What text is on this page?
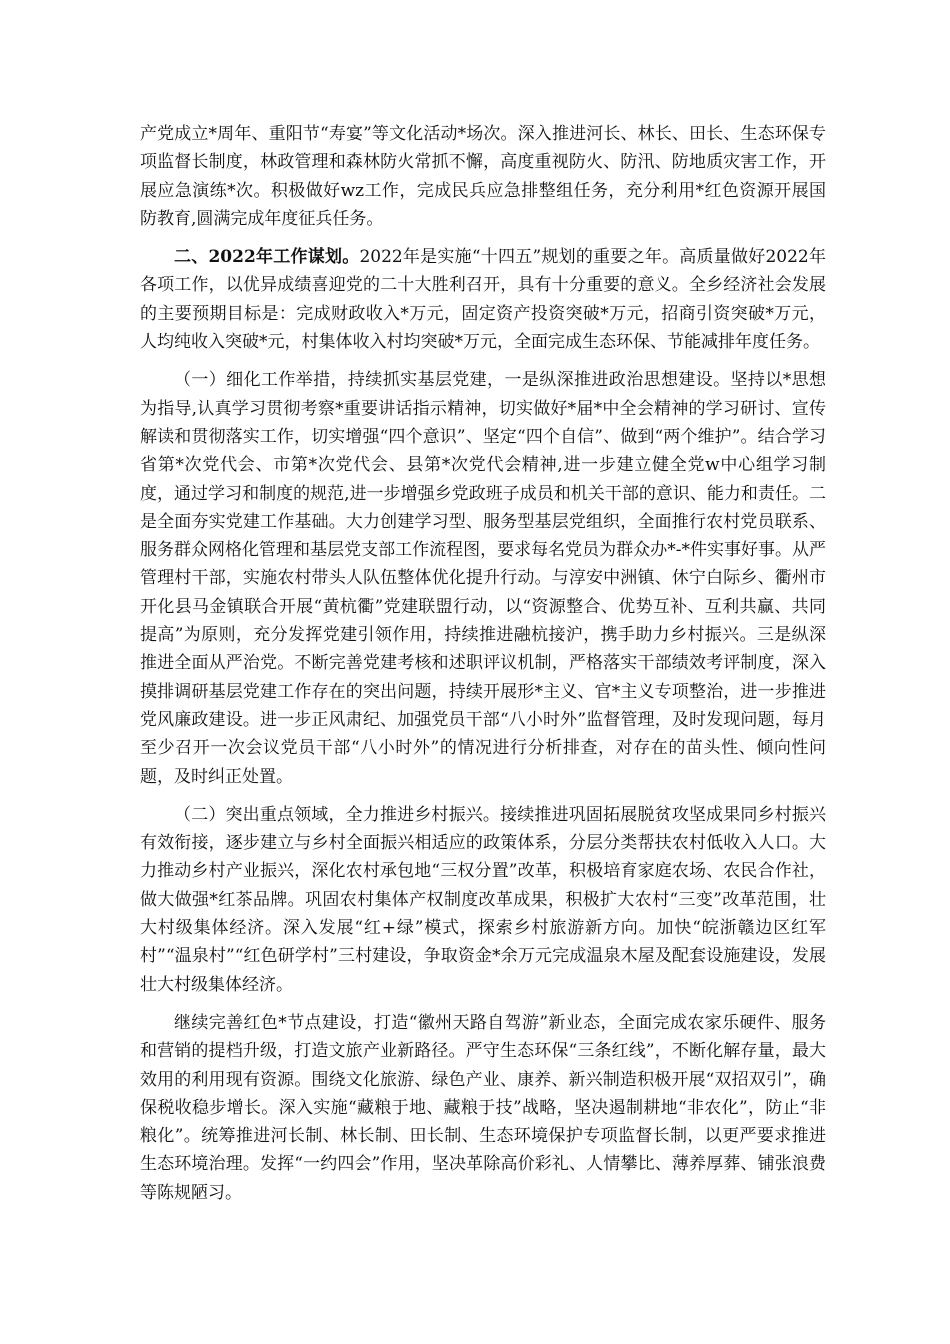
产党成立*周年、重阳节“寿宴”等文化活动*场次。深入推进河长、林长、田长、生态环保专项监督长制度，林政管理和森林防火常抓不懈，高度重视防火、防汛、防地质灾害工作，开展应急演练*次。积极做好wz工作，完成民兵应急排整组任务，充分利用*红色资源开展国防教育,圆满完成年度征兵任务。

二、2022年工作谋划。2022年是实施“十四五”规划的重要之年。高质量做好2022年各项工作，以优异成绩喜迎党的二十大胜利召开，具有十分重要的意义。全乡经济社会发展的主要预期目标是：完成财政收入*万元，固定资产投资突破*万元，招商引资突破*万元，人均纯收入突破*元，村集体收入村均突破*万元，全面完成生态环保、节能减排年度任务。

（一）细化工作举措，持续抓实基层党建，一是纵深推进政治思想建设。坚持以*思想为指导,认真学习贯彻考察*重要讲话指示精神，切实做好*届*中全会精神的学习研讨、宣传解读和贯彻落实工作，切实增强“四个意识”、坚定“四个自信”、做到“两个维护”。结合学习省第*次党代会、市第*次党代会、县第*次党代会精神,进一步建立健全党w中心组学习制度，通过学习和制度的规范,进一步增强乡党政班子成员和机关干部的意识、能力和责任。二是全面夯实党建工作基础。大力创建学习型、服务型基层党组织，全面推行农村党员联系、服务群众网格化管理和基层党支部工作流程图，要求每名党员为群众办*-*件实事好事。从严管理村干部，实施农村带头人队伍整体优化提升行动。与淳安中洲镇、休宁白际乡、衢州市开化县马金镇联合开展“黄杭衢”党建联盟行动，以“资源整合、优势互补、互利共赢、共同提高”为原则，充分发挥党建引领作用，持续推进融杭接沪，携手助力乡村振兴。三是纵深推进全面从严治党。不断完善党建考核和述职评议机制，严格落实干部绩效考评制度，深入摸排调研基层党建工作存在的突出问题，持续开展形*主义、官*主义专项整治，进一步推进党风廉政建设。进一步正风肃纪、加强党员干部“八小时外”监督管理，及时发现问题，每月至少召开一次会议党员干部“八小时外”的情况进行分析排查，对存在的苗头性、倾向性问题，及时纠正处置。

（二）突出重点领域，全力推进乡村振兴。接续推进巩固拓展脱贫攻坚成果同乡村振兴有效衔接，逐步建立与乡村全面振兴相适应的政策体系，分层分类帮扶农村低收入人口。大力推动乡村产业振兴，深化农村承包地“三权分置”改革，积极培育家庭农场、农民合作社，做大做强*红茶品牌。巩固农村集体产权制度改革成果，积极扩大农村“三变”改革范围，壮大村级集体经济。深入发展“红+绿”模式，探索乡村旅游新方向。加快“皖浙赣边区红军村”“温泉村”“红色研学村”三村建设，争取资金*余万元完成温泉木屋及配套设施建设，发展壮大村级集体经济。

继续完善红色*节点建设，打造“徽州天路自驾游”新业态，全面完成农家乐硬件、服务和营销的提档升级，打造文旅产业新路径。严守生态环保“三条红线”，不断化解存量，最大效用的利用现有资源。围绕文化旅游、绿色产业、康养、新兴制造积极开展“双招双引”，确保税收稳步增长。深入实施“藏粮于地、藏粮于技”战略，坚决遏制耕地“非农化”，防止“非粮化”。统筹推进河长制、林长制、田长制、生态环境保护专项监督长制，以更严要求推进生态环境治理。发挥“一约四会”作用，坚决革除高价彩礼、人情攀比、薄养厚葬、铺张浪费等陈规陋习。
